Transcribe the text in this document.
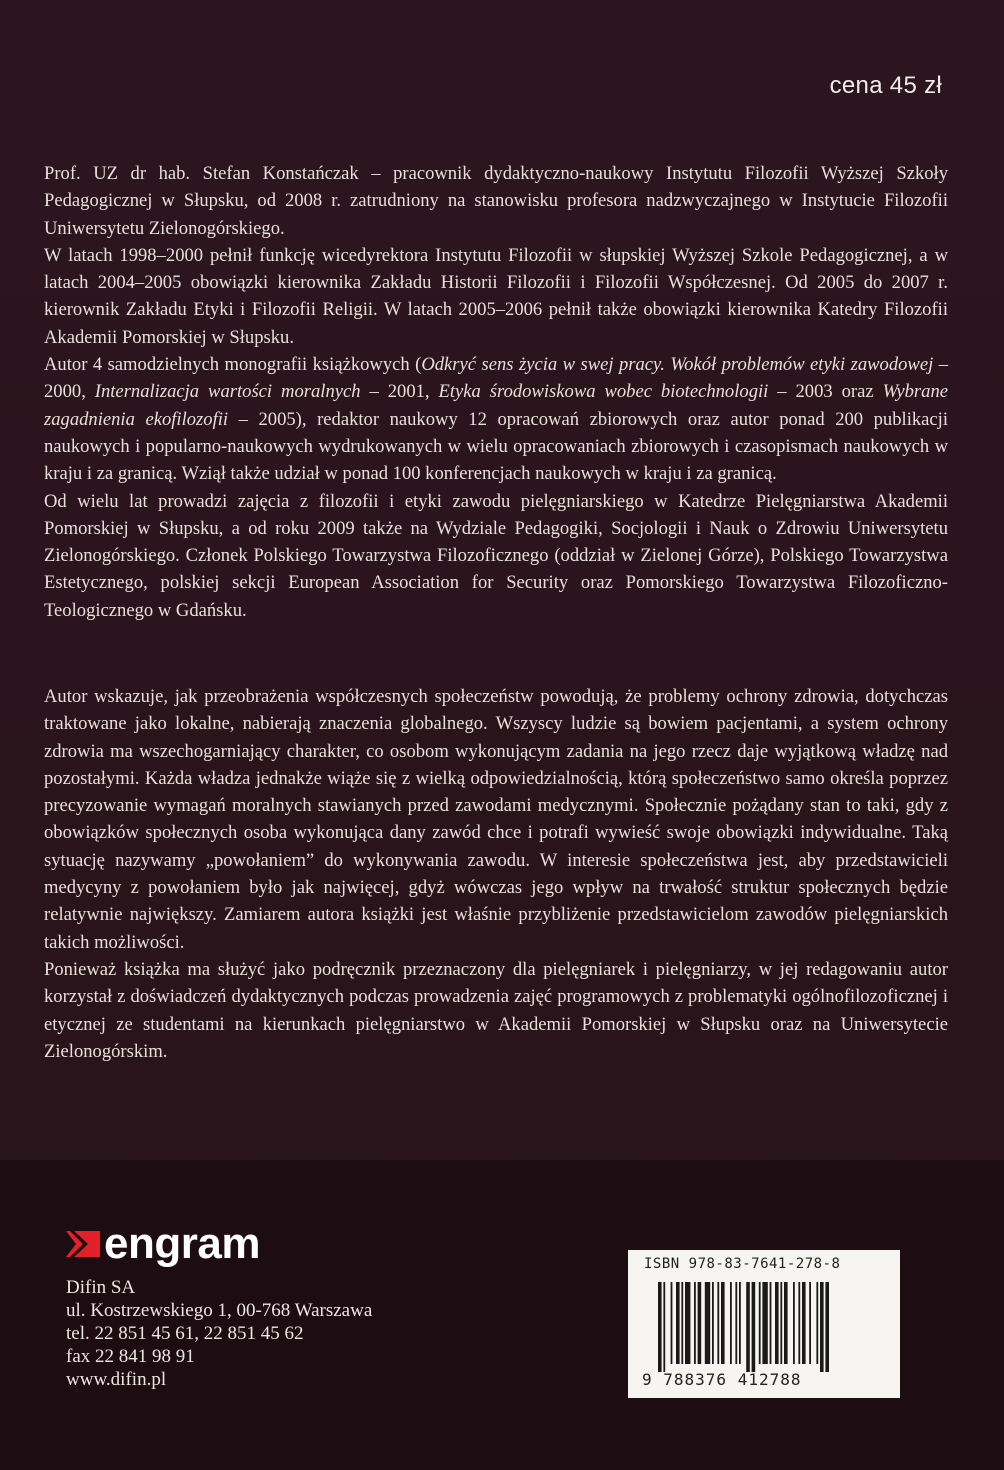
cena 45 zł

Prof. UZ dr hab. Stefan Konstańczak – pracownik dydaktyczno-naukowy Instytutu Filozofii Wyższej Szkoły Pedagogicznej w Słupsku, od 2008 r. zatrudniony na stanowisku profesora nadzwyczajnego w Instytucie Filozofii Uniwersytetu Zielonogórskiego.

W latach 1998–2000 pełnił funkcję wicedyrektora Instytutu Filozofii w słupskiej Wyższej Szkole Pedagogicznej, a w latach 2004–2005 obowiązki kierownika Zakładu Historii Filozofii i Filozofii Współczesnej. Od 2005 do 2007 r. kierownik Zakładu Etyki i Filozofii Religii. W latach 2005–2006 pełnił także obowiązki kierownika Katedry Filozofii Akademii Pomorskiej w Słupsku.

Autor 4 samodzielnych monografii książkowych (Odkryć sens życia w swej pracy. Wokół problemów etyki zawodowej – 2000, Internalizacja wartości moralnych – 2001, Etyka środowiskowa wobec biotechnologii – 2003 oraz Wybrane zagadnienia ekofilozofii – 2005), redaktor naukowy 12 opracowań zbiorowych oraz autor ponad 200 publikacji naukowych i popularno-naukowych wydrukowanych w wielu opracowaniach zbiorowych i czasopismach naukowych w kraju i za granicą. Wziął także udział w ponad 100 konferencjach naukowych w kraju i za granicą.

Od wielu lat prowadzi zajęcia z filozofii i etyki zawodu pielęgniarskiego w Katedrze Pielęgniarstwa Akademii Pomorskiej w Słupsku, a od roku 2009 także na Wydziale Pedagogiki, Socjologii i Nauk o Zdrowiu Uniwersytetu Zielonogórskiego. Członek Polskiego Towarzystwa Filozoficznego (oddział w Zielonej Górze), Polskiego Towarzystwa Estetycznego, polskiej sekcji European Association for Security oraz Pomorskiego Towarzystwa Filozoficzno-Teologicznego w Gdańsku.

Autor wskazuje, jak przeobrażenia współczesnych społeczeństw powodują, że problemy ochrony zdrowia, dotychczas traktowane jako lokalne, nabierają znaczenia globalnego. Wszyscy ludzie są bowiem pacjentami, a system ochrony zdrowia ma wszechogarniający charakter, co osobom wykonującym zadania na jego rzecz daje wyjątkową władzę nad pozostałymi. Każda władza jednakże wiąże się z wielką odpowiedzialnością, którą społeczeństwo samo określa poprzez precyzowanie wymagań moralnych stawianych przed zawodami medycznymi. Społecznie pożądany stan to taki, gdy z obowiązków społecznych osoba wykonująca dany zawód chce i potrafi wywieść swoje obowiązki indywidualne. Taką sytuację nazywamy „powołaniem” do wykonywania zawodu. W interesie społeczeństwa jest, aby przedstawicieli medycyny z powołaniem było jak najwięcej, gdyż wówczas jego wpływ na trwałość struktur społecznych będzie relatywnie największy. Zamiarem autora książki jest właśnie przybliżenie przedstawicielom zawodów pielęgniarskich takich możliwości.

Ponieważ książka ma służyć jako podręcznik przeznaczony dla pielęgniarek i pielęgniarzy, w jej redagowaniu autor korzystał z doświadczeń dydaktycznych podczas prowadzenia zajęć programowych z problematyki ogólnofilozoficznej i etycznej ze studentami na kierunkach pielęgniarstwo w Akademii Pomorskiej w Słupsku oraz na Uniwersytecie Zielonogórskim.

engram
Difin SA
ul. Kostrzewskiego 1, 00-768 Warszawa
tel. 22 851 45 61, 22 851 45 62
fax 22 841 98 91
www.difin.pl
ISBN 978-83-7641-278-8
9 788376 412788
